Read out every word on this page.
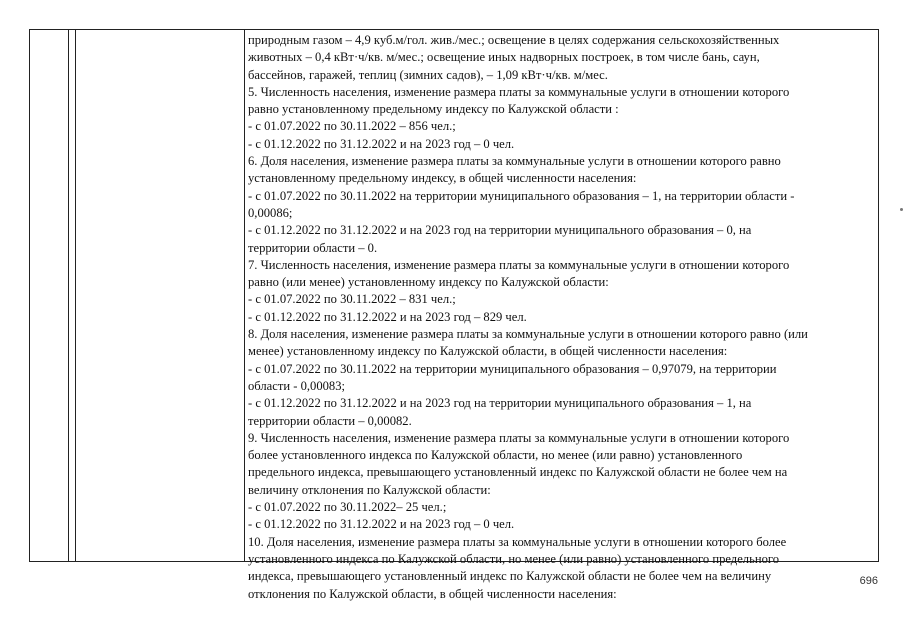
природным газом – 4,9 куб.м/гол. жив./мес.; освещение в целях содержания сельскохозяйственных

животных – 0,4 кВт·ч/кв. м/мес.; освещение иных надворных построек, в том числе бань, саун,

бассейнов, гаражей, теплиц (зимних садов), – 1,09 кВт·ч/кв. м/мес.

5. Численность населения, изменение размера платы за коммунальные услуги в отношении которого

равно установленному предельному индексу по Калужской области :

- с 01.07.2022 по 30.11.2022 – 856 чел.;

- с 01.12.2022 по 31.12.2022 и на 2023 год – 0 чел.

6. Доля населения, изменение размера платы за коммунальные услуги в отношении которого равно

установленному предельному индексу, в общей численности населения:

- с 01.07.2022 по 30.11.2022 на территории муниципального образования – 1, на территории области -

0,00086;

- с 01.12.2022 по 31.12.2022 и на 2023 год на территории муниципального образования – 0, на

территории области – 0.

7. Численность населения, изменение размера платы за коммунальные услуги в отношении которого

равно (или менее) установленному индексу по Калужской области:

- с 01.07.2022 по 30.11.2022 – 831 чел.;

- с 01.12.2022 по 31.12.2022 и на 2023 год – 829 чел.

8. Доля населения, изменение размера платы за коммунальные услуги в отношении которого равно (или

менее) установленному индексу по Калужской области, в общей численности населения:

- с 01.07.2022 по 30.11.2022 на территории муниципального образования – 0,97079, на территории

области - 0,00083;

- с 01.12.2022 по 31.12.2022 и на 2023 год на территории муниципального образования – 1, на

территории области – 0,00082.

9. Численность населения, изменение размера платы за коммунальные услуги в отношении которого

более установленного индекса по Калужской области, но менее (или равно) установленного

предельного индекса, превышающего установленный индекс по Калужской области не более чем на

величину отклонения по Калужской области:

- с 01.07.2022 по 30.11.2022– 25 чел.;

- с 01.12.2022 по 31.12.2022 и на 2023 год – 0 чел.

10. Доля населения, изменение размера платы за коммунальные услуги в отношении которого более

установленного индекса по Калужской области, но менее (или равно) установленного предельного

индекса, превышающего установленный индекс по Калужской области не более чем на величину

отклонения по Калужской области, в общей численности населения:

696
